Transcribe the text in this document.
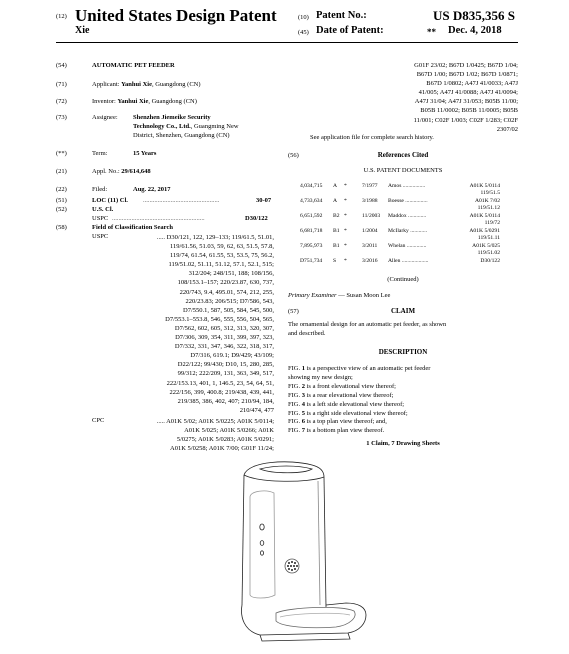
(12) United States Design Patent
Xie
(10) Patent No.:	US D835,356 S
(45) Date of Patent:	** Dec. 4, 2018
(54)	AUTOMATIC PET FEEDER
(71)	Applicant: Yanhui Xie, Guangdong (CN)
(72)	Inventor: Yanhui Xie, Guangdong (CN)
(73)	Assignee: Shenzhen Jiemeike Security
Technology Co., Ltd., Guangming New
District, Shenzhen, Guangdong (CN)
(**)	Term:	15 Years
(21)	Appl. No.: 29/614,648
(22)	Filed:	Aug. 22, 2017
(51)	LOC (11) Cl. ...............................................	30-07
(52)	U.S. Cl.
USPC .........................................................	D30/122
(58)	Field of Classification Search
USPC	..... D30/121, 122, 129–133; 119/61.5, 51.01,
119/61.56, 51.03, 59, 62, 63, 51.5, 57.8,
119/74, 61.54, 61.55, 53, 53.5, 75, 56.2,
119/51.02, 51.11, 51.12, 57.1, 52.1, 515;
312/204; 248/151, 188; 108/156,
108/153.1–157; 220/23.87, 630, 737,
220/743, 9.4, 495.01, 574, 212, 255,
220/23.83; 206/515; D7/586, 543,
D7/550.1, 587, 505, 584, 545, 500,
D7/553.1–553.8, 546, 555, 556, 504, 565,
D7/562, 602, 605, 312, 313, 320, 307,
D7/306, 309, 354, 311, 399, 397, 323,
D7/332, 331, 347, 346, 322, 318, 317,
D7/316, 619.1; D9/429; 43/109;
D22/122; 99/430; D10, 15, 280, 285,
99/312; 222/209, 131, 363, 349, 517,
222/153.13, 401, 1, 146.5, 23, 54, 64, 51,
222/156, 399, 400.8; 219/438, 439, 441,
219/385, 386, 402, 407; 210/94, 184,
210/474, 477
CPC	..... A01K 5/02; A01K 5/0225; A01K 5/0114;
A01K 5/025; A01K 5/0266; A01K
5/0275; A01K 5/0283; A01K 5/0291;
A01K 5/0258; A01K 7/00; G01F 11/24;
G01F 23/02; B67D 1/0425; B67D 1/04;
B67D 1/00; B67D 1/02; B67D 1/0871;
B67D 1/0802; A47J 41/0033; A47J
41/005; A47J 41/0088; A47J 41/0094;
A47J 31/04; A47J 31/053; B05B 11/00;
B05B 11/0002; B05B 11/0005; B05B
11/001; C02F 1/003; C02F 1/283; C02F
2307/02
See application file for complete search history.
(56)	References Cited
U.S. PATENT DOCUMENTS
4,034,715 A *	7/1977 Amos ................	A01K 5/0114
119/51.5
4,733,634 A *	3/1988 Boesse ................	A01K 7/02
119/51.12
6,651,592 B2 *	11/2003 Maddox .............	A01K 5/0114
119/72
6,681,718 B1 *	1/2004 McIlarky ............	A01K 5/0291
119/51.11
7,895,973 B1 *	3/2011 Whelan ..............	A01K 5/025
119/51.02
D751,734 S *	3/2016 Allen ...................	D30/122
(Continued)
Primary Examiner — Susan Moon Lee
(57)	CLAIM
The ornamental design for an automatic pet feeder, as shown
and described.
DESCRIPTION
FIG. 1 is a perspective view of an automatic pet feeder
showing my new design;
FIG. 2 is a front elevational view thereof;
FIG. 3 is a rear elevational view thereof;
FIG. 4 is a left side elevational view thereof;
FIG. 5 is a right side elevational view thereof;
FIG. 6 is a top plan view thereof; and,
FIG. 7 is a bottom plan view thereof.
1 Claim, 7 Drawing Sheets
